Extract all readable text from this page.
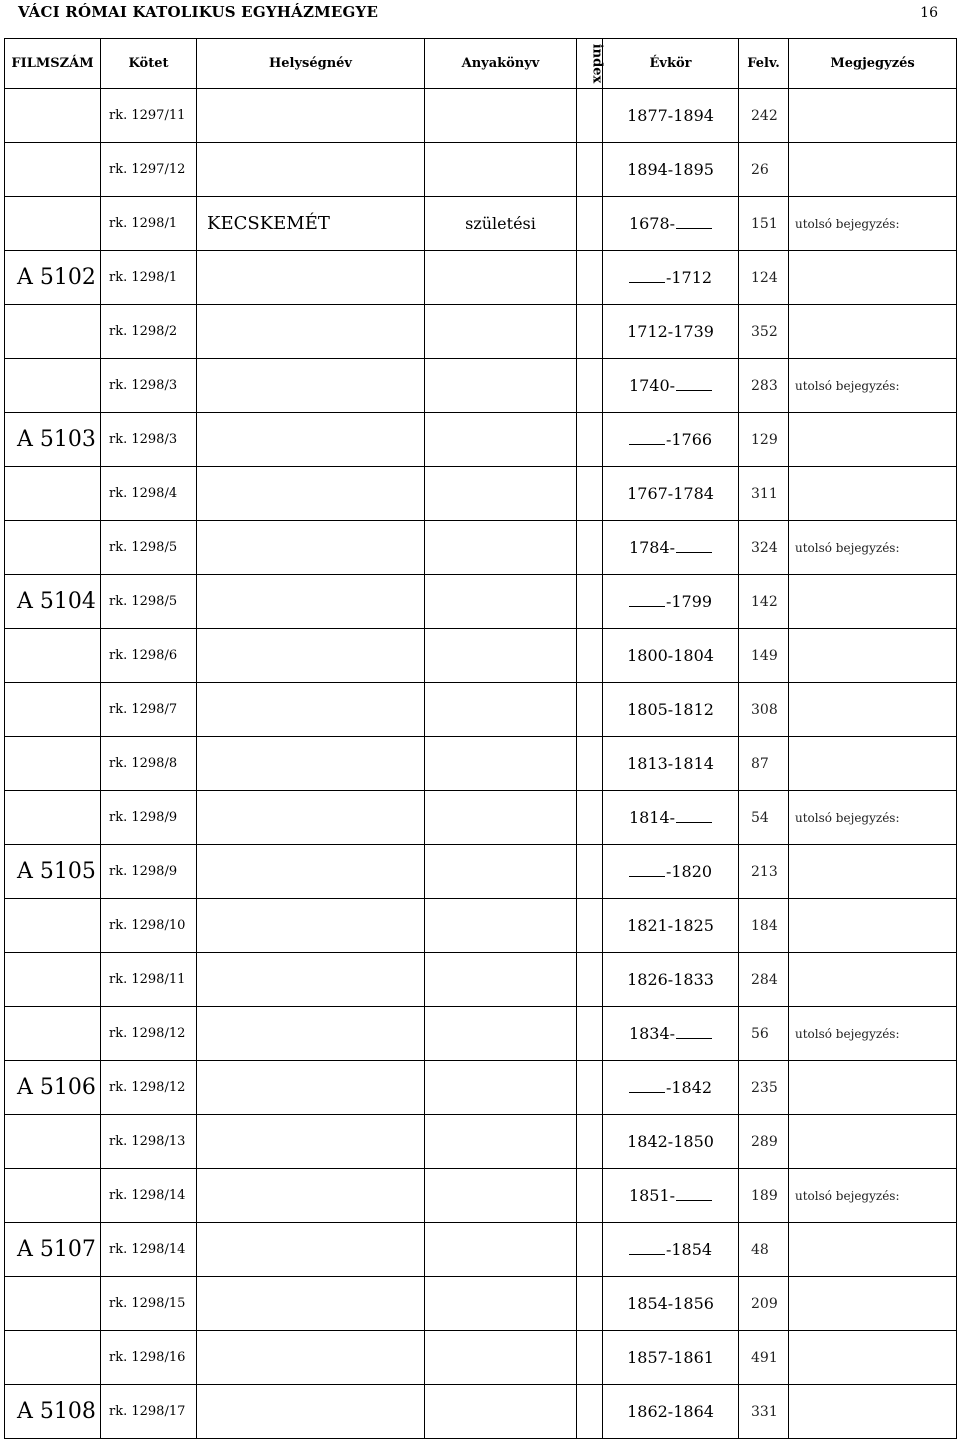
VÁCI RÓMAI KATOLIKUS EGYHÁZMEGYE	16
FILMSZÁM	Kötet	Helységnév	Anyakönyv	index	Évkör	Felv.	Megjegyzés
	rk. 1297/11				1877-1894	242	
	rk. 1297/12				1894-1895	26	
	rk. 1298/1	KECSKEMÉT	születési		1678-	151	utolsó bejegyzés:
A 5102	rk. 1298/1				-1712	124	
	rk. 1298/2				1712-1739	352	
	rk. 1298/3				1740-	283	utolsó bejegyzés:
A 5103	rk. 1298/3				-1766	129	
	rk. 1298/4				1767-1784	311	
	rk. 1298/5				1784-	324	utolsó bejegyzés:
A 5104	rk. 1298/5				-1799	142	
	rk. 1298/6				1800-1804	149	
	rk. 1298/7				1805-1812	308	
	rk. 1298/8				1813-1814	87	
	rk. 1298/9				1814-	54	utolsó bejegyzés:
A 5105	rk. 1298/9				-1820	213	
	rk. 1298/10				1821-1825	184	
	rk. 1298/11				1826-1833	284	
	rk. 1298/12				1834-	56	utolsó bejegyzés:
A 5106	rk. 1298/12				-1842	235	
	rk. 1298/13				1842-1850	289	
	rk. 1298/14				1851-	189	utolsó bejegyzés:
A 5107	rk. 1298/14				-1854	48	
	rk. 1298/15				1854-1856	209	
	rk. 1298/16				1857-1861	491	
A 5108	rk. 1298/17				1862-1864	331	
